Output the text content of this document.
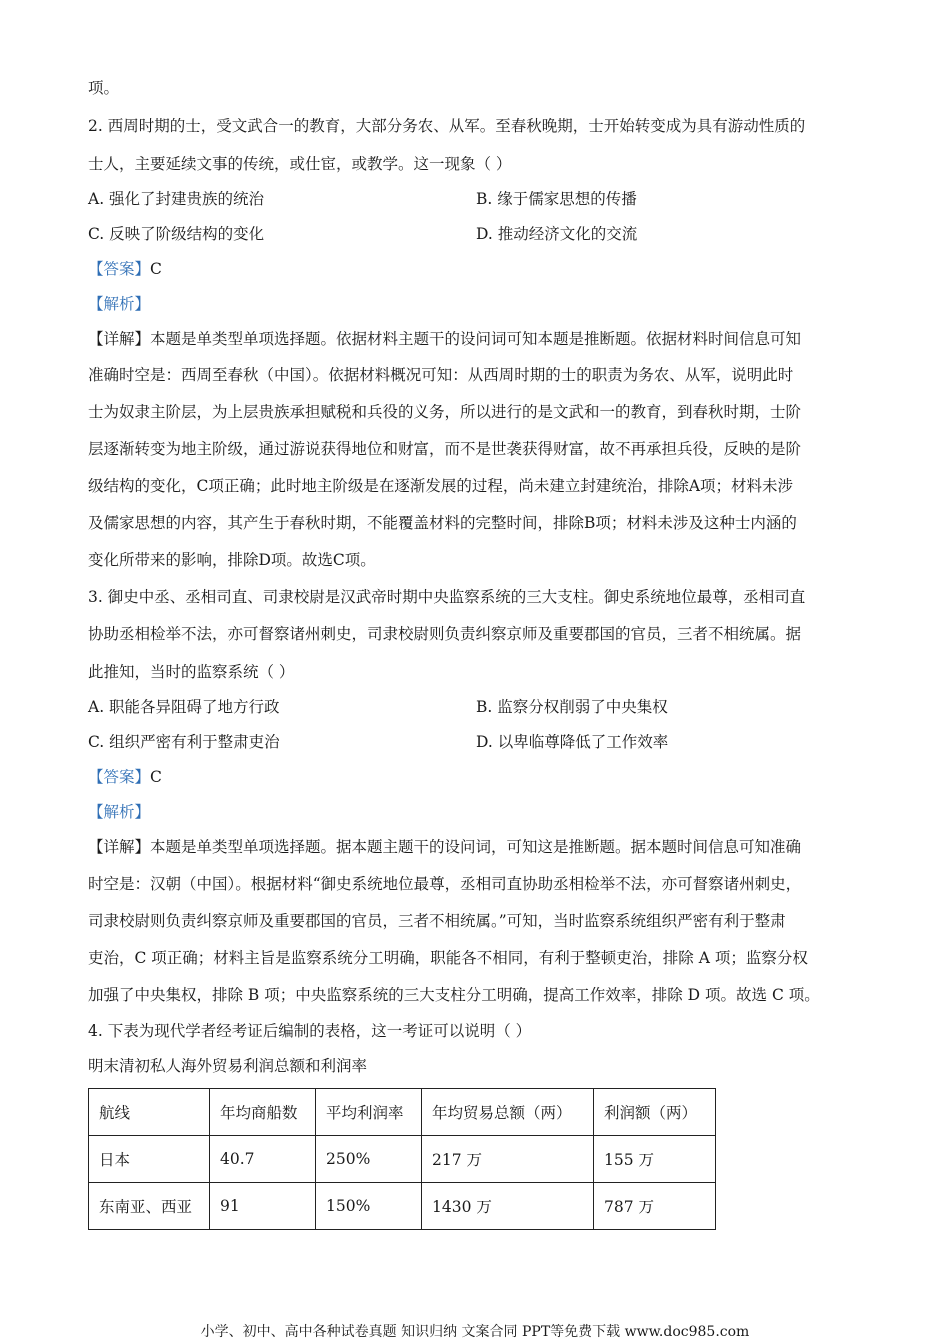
项。
2. 西周时期的士，受文武合一的教育，大部分务农、从军。至春秋晚期，士开始转变成为具有游动性质的
士人，主要延续文事的传统，或仕宦，或教学。这一现象（ ）
A. 强化了封建贵族的统治	B. 缘于儒家思想的传播
C. 反映了阶级结构的变化	D. 推动经济文化的交流
【答案】C
【解析】
【详解】本题是单类型单项选择题。依据材料主题干的设问词可知本题是推断题。依据材料时间信息可知
准确时空是：西周至春秋（中国）。依据材料概况可知：从西周时期的士的职责为务农、从军，说明此时
士为奴隶主阶层，为上层贵族承担赋税和兵役的义务，所以进行的是文武和一的教育，到春秋时期，士阶
层逐渐转变为地主阶级，通过游说获得地位和财富，而不是世袭获得财富，故不再承担兵役，反映的是阶
级结构的变化，C项正确；此时地主阶级是在逐渐发展的过程，尚未建立封建统治，排除A项；材料未涉
及儒家思想的内容，其产生于春秋时期，不能覆盖材料的完整时间，排除B项；材料未涉及这种士内涵的
变化所带来的影响，排除D项。故选C项。
3. 御史中丞、丞相司直、司隶校尉是汉武帝时期中央监察系统的三大支柱。御史系统地位最尊，丞相司直
协助丞相检举不法，亦可督察诸州刺史，司隶校尉则负责纠察京师及重要郡国的官员，三者不相统属。据
此推知，当时的监察系统（ ）
A. 职能各异阻碍了地方行政	B. 监察分权削弱了中央集权
C. 组织严密有利于整肃吏治	D. 以卑临尊降低了工作效率
【答案】C
【解析】
【详解】本题是单类型单项选择题。据本题主题干的设问词，可知这是推断题。据本题时间信息可知准确
时空是：汉朝（中国）。根据材料“御史系统地位最尊，丞相司直协助丞相检举不法，亦可督察诸州刺史，
司隶校尉则负责纠察京师及重要郡国的官员，三者不相统属。”可知，当时监察系统组织严密有利于整肃
吏治，C 项正确；材料主旨是监察系统分工明确，职能各不相同，有利于整顿吏治，排除 A 项；监察分权
加强了中央集权，排除 B 项；中央监察系统的三大支柱分工明确，提高工作效率，排除 D 项。故选 C 项。
4. 下表为现代学者经考证后编制的表格，这一考证可以说明（ ）
明末清初私人海外贸易利润总额和利润率
航线	年均商船数	平均利润率	年均贸易总额（两）	利润额（两）
日本	40.7	250%	217 万	155 万
东南亚、西亚	91	150%	1430 万	787 万
小学、初中、高中各种试卷真题 知识归纳 文案合同 PPT等免费下载 www.doc985.com
